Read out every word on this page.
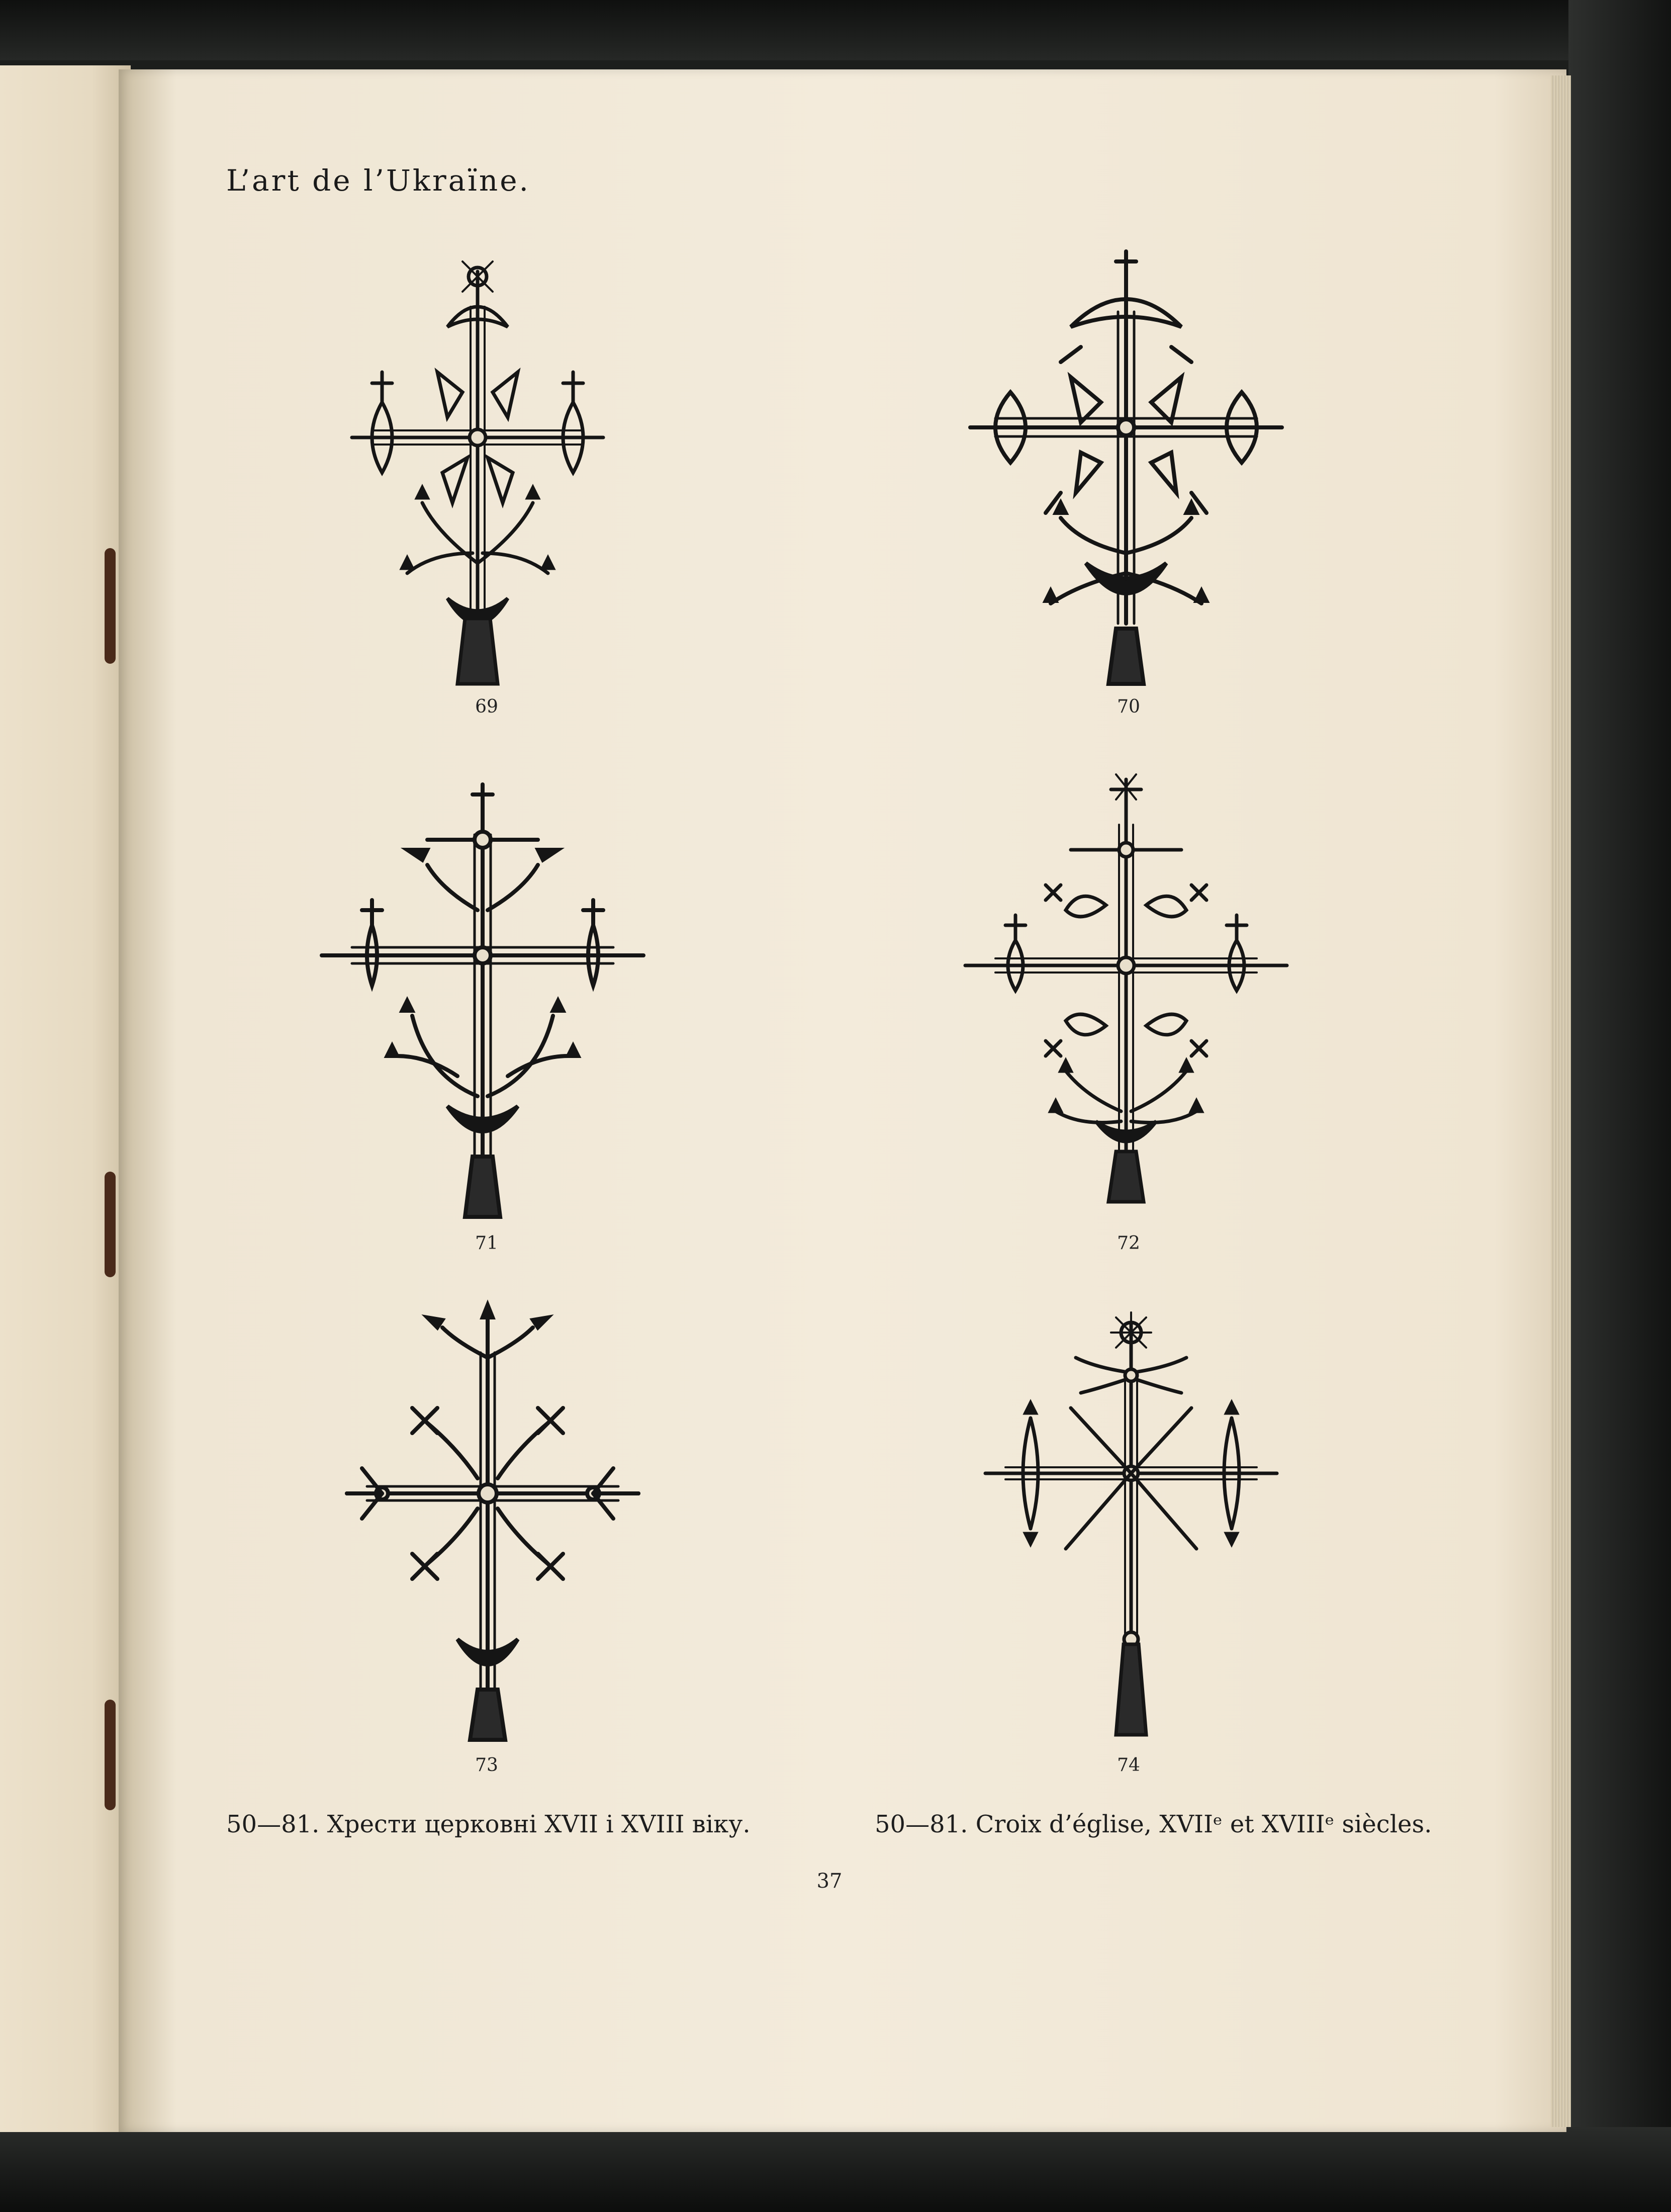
L’art de l’Ukraïne.
69	70
71	72
73	74
50—81. Хрести церковні XVII і XVIII віку.	50—81. Croix d’église, XVIIᵉ et XVIIIᵉ siècles.
37
